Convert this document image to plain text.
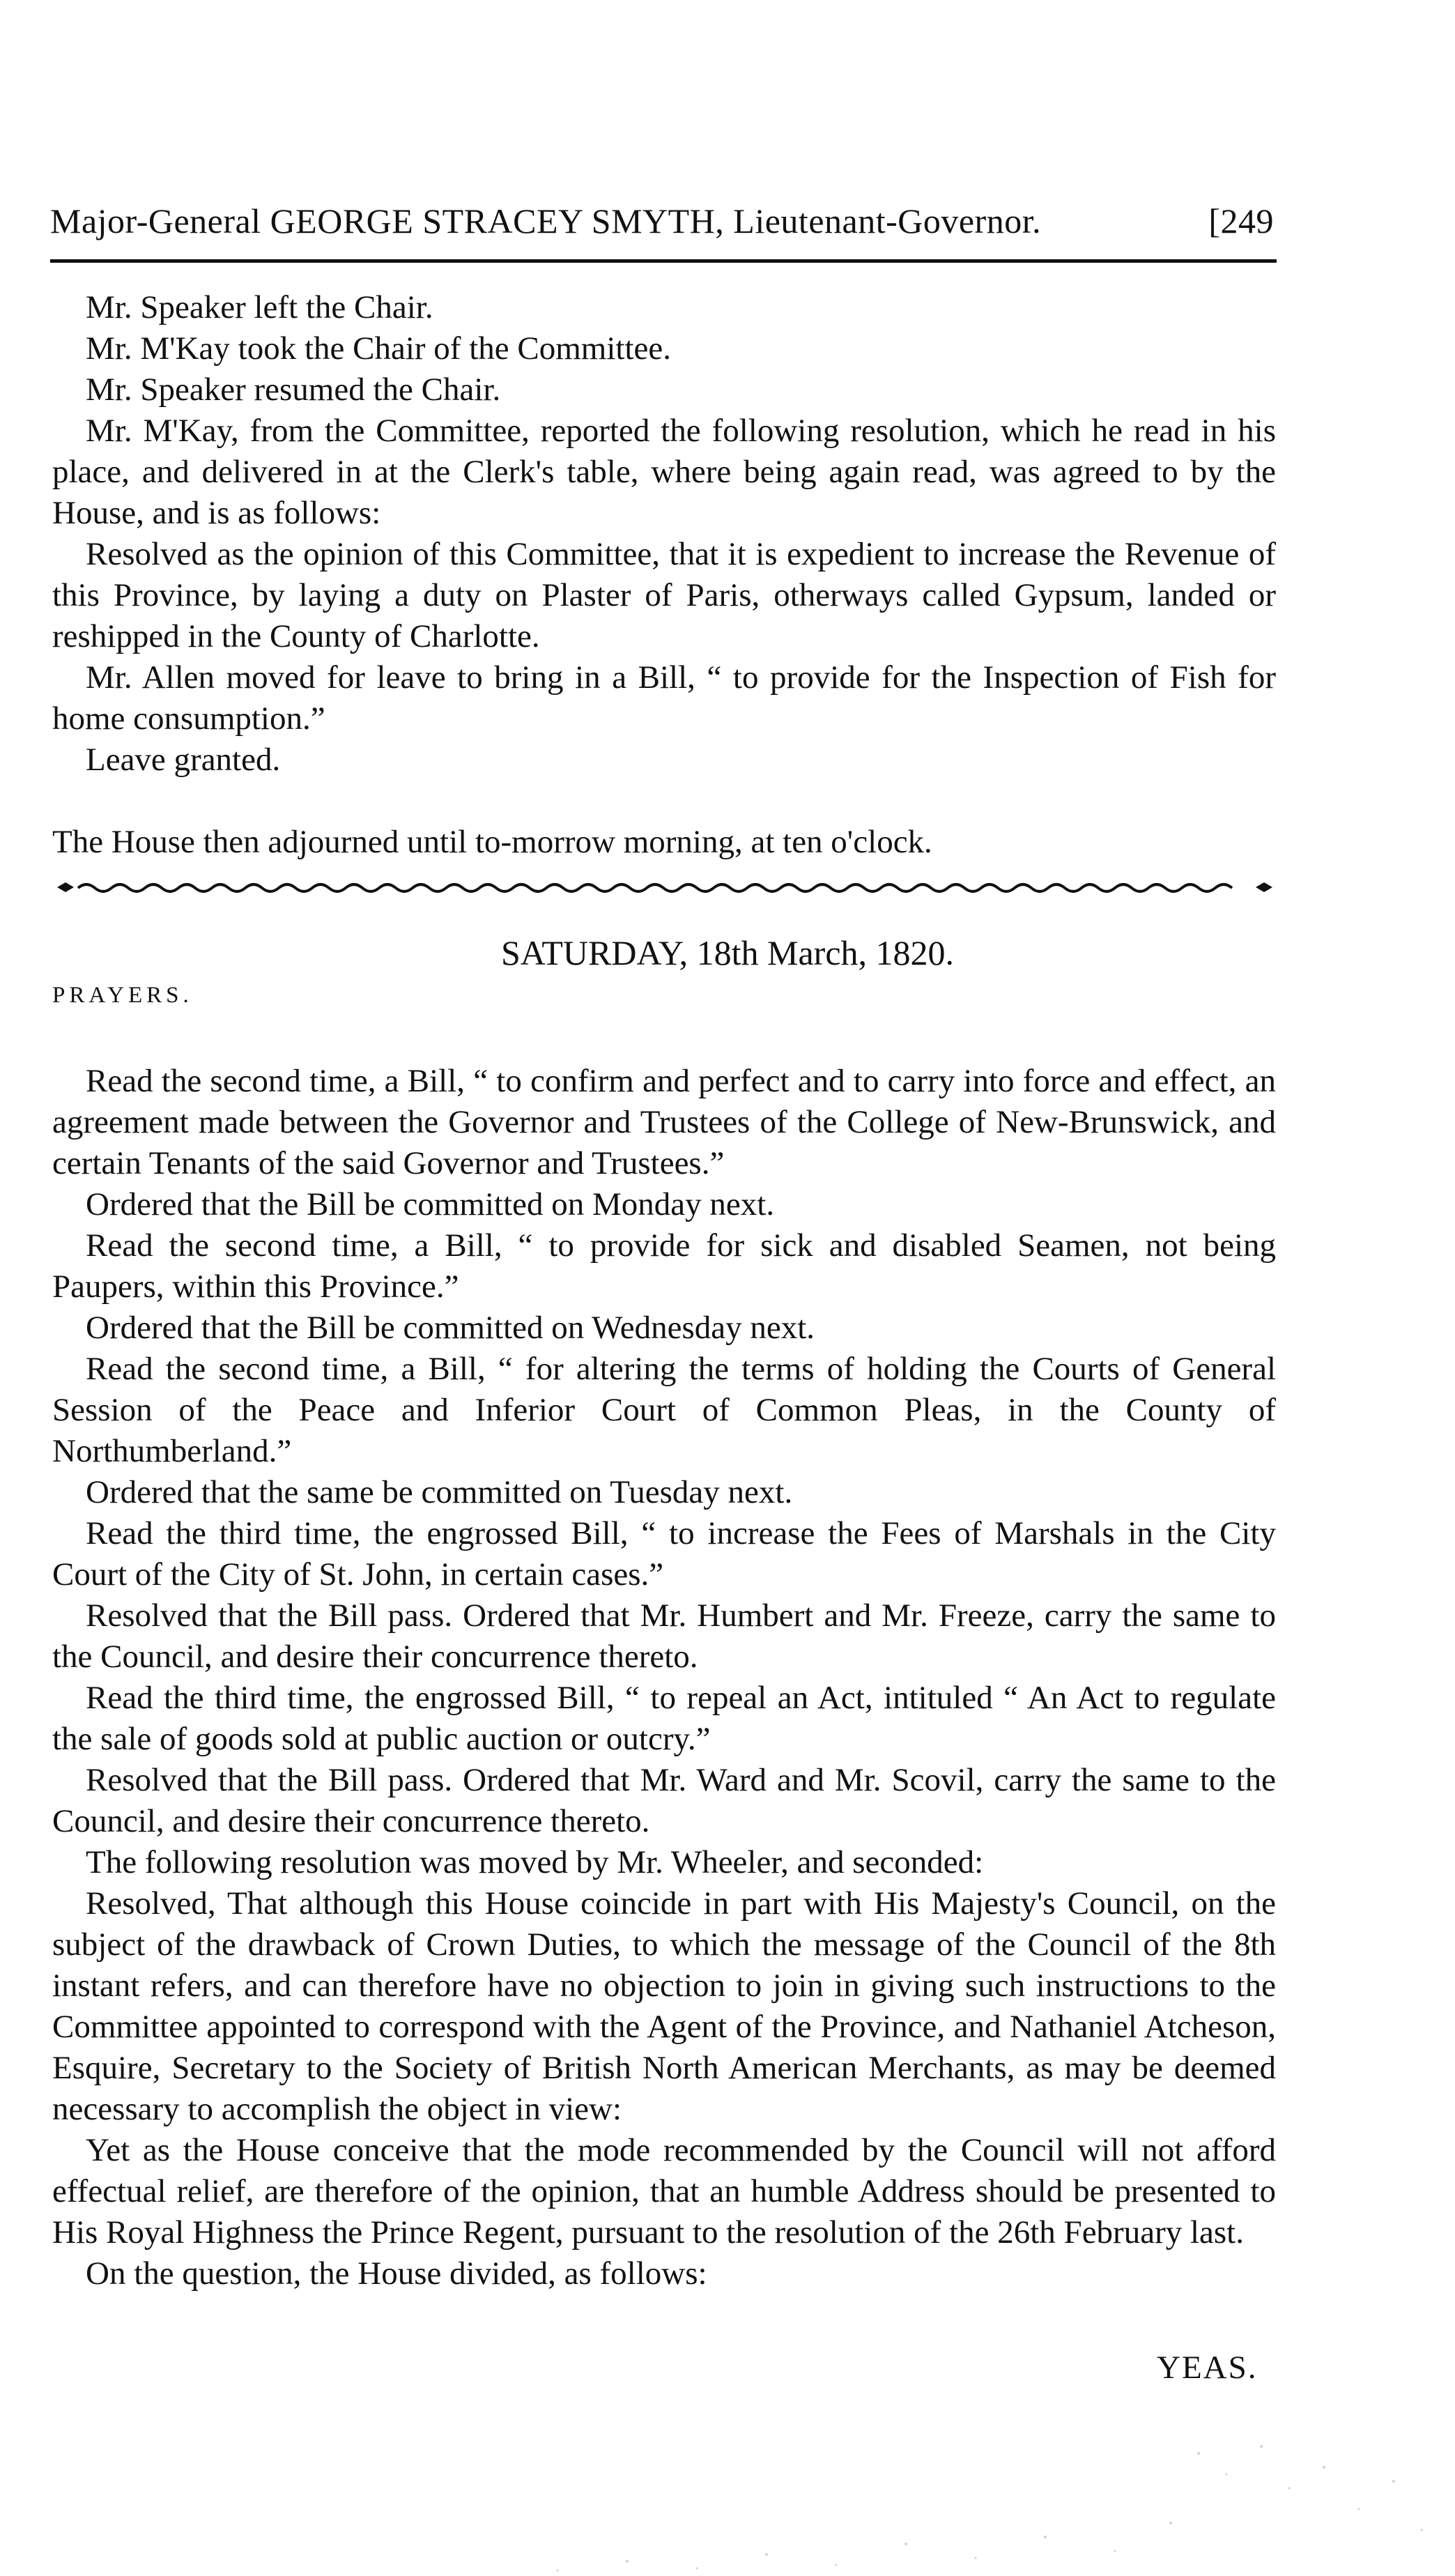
Major-General GEORGE STRACEY SMYTH, Lieutenant-Governor.	[249

Mr. Speaker left the Chair.

Mr. M'Kay took the Chair of the Committee.

Mr. Speaker resumed the Chair.

Mr. M'Kay, from the Committee, reported the following resolution, which he read in his place, and delivered in at the Clerk's table, where being again read, was agreed to by the House, and is as follows:

Resolved as the opinion of this Committee, that it is expedient to increase the Revenue of this Province, by laying a duty on Plaster of Paris, otherways called Gypsum, landed or reshipped in the County of Charlotte.

Mr. Allen moved for leave to bring in a Bill, “ to provide for the Inspection of Fish for home consumption.”

Leave granted.

The House then adjourned until to-morrow morning, at ten o'clock.

SATURDAY, 18th March, 1820.
PRAYERS.

Read the second time, a Bill, “ to confirm and perfect and to carry into force and effect, an agreement made between the Governor and Trustees of the College of New-Brunswick, and certain Tenants of the said Governor and Trustees.”

Ordered that the Bill be committed on Monday next.

Read the second time, a Bill, “ to provide for sick and disabled Seamen, not being Paupers, within this Province.”

Ordered that the Bill be committed on Wednesday next.

Read the second time, a Bill, “ for altering the terms of holding the Courts of General Session of the Peace and Inferior Court of Common Pleas, in the County of Northumberland.”

Ordered that the same be committed on Tuesday next.

Read the third time, the engrossed Bill, “ to increase the Fees of Marshals in the City Court of the City of St. John, in certain cases.”

Resolved that the Bill pass. Ordered that Mr. Humbert and Mr. Freeze, carry the same to the Council, and desire their concurrence thereto.

Read the third time, the engrossed Bill, “ to repeal an Act, intituled “ An Act to regulate the sale of goods sold at public auction or outcry.”

Resolved that the Bill pass. Ordered that Mr. Ward and Mr. Scovil, carry the same to the Council, and desire their concurrence thereto.

The following resolution was moved by Mr. Wheeler, and seconded:

Resolved, That although this House coincide in part with His Majesty's Council, on the subject of the drawback of Crown Duties, to which the message of the Council of the 8th instant refers, and can therefore have no objection to join in giving such instructions to the Committee appointed to correspond with the Agent of the Province, and Nathaniel Atcheson, Esquire, Secretary to the Society of British North American Merchants, as may be deemed necessary to accomplish the object in view:

Yet as the House conceive that the mode recommended by the Council will not afford effectual relief, are therefore of the opinion, that an humble Address should be presented to His Royal Highness the Prince Regent, pursuant to the resolution of the 26th February last.

On the question, the House divided, as follows:

YEAS.
